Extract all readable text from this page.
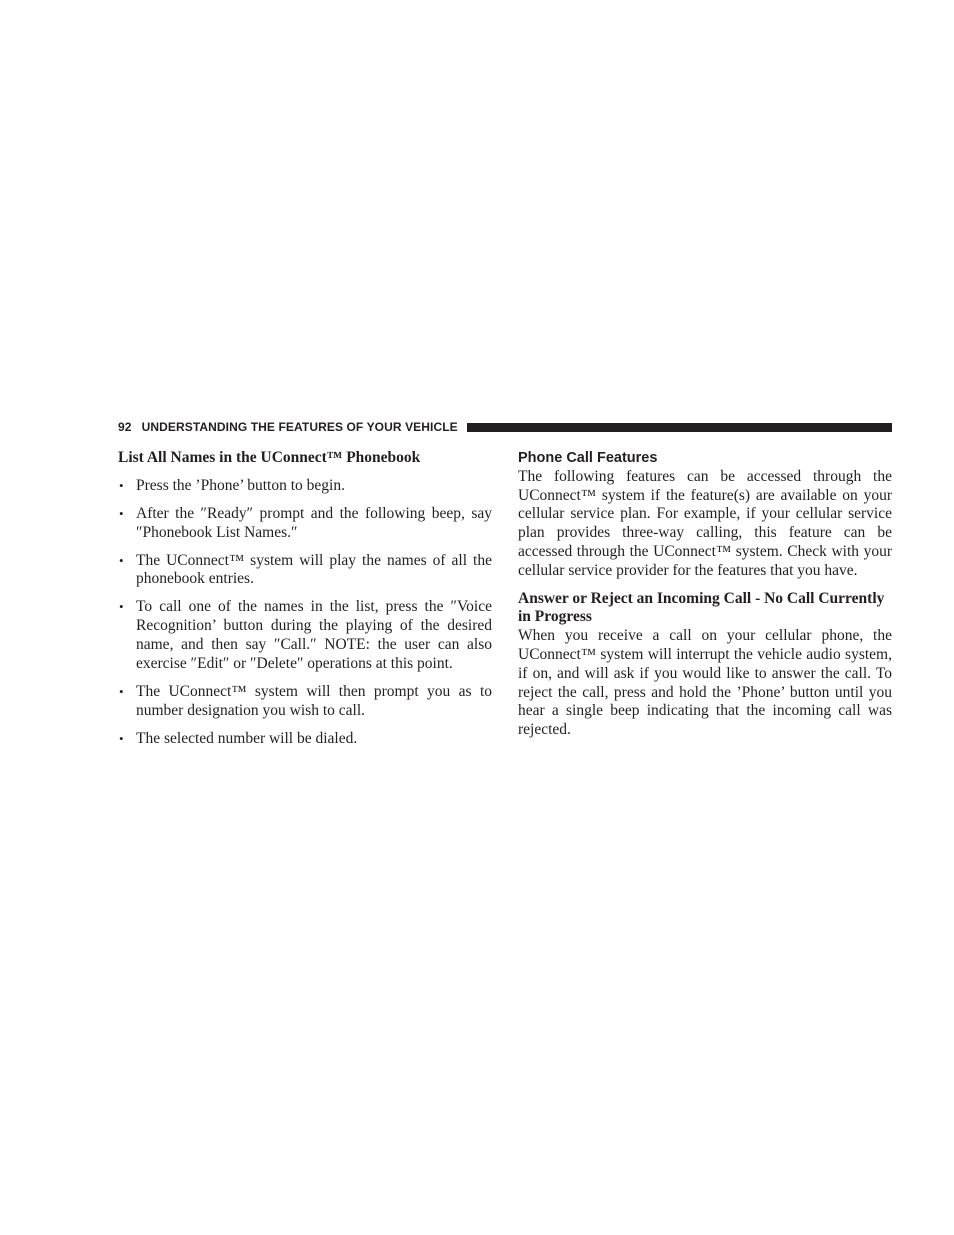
92 UNDERSTANDING THE FEATURES OF YOUR VEHICLE
List All Names in the UConnect™ Phonebook
• Press the ’Phone’ button to begin.
• After the ″Ready″ prompt and the following beep, say ″Phonebook List Names.″
• The UConnect™ system will play the names of all the phonebook entries.
• To call one of the names in the list, press the ″Voice Recognition’ button during the playing of the desired name, and then say ″Call.″ NOTE: the user can also exercise ″Edit″ or ″Delete″ operations at this point.
• The UConnect™ system will then prompt you as to number designation you wish to call.
• The selected number will be dialed.
Phone Call Features

The following features can be accessed through the UConnect™ system if the feature(s) are available on your cellular service plan. For example, if your cellular service plan provides three-way calling, this feature can be accessed through the UConnect™ system. Check with your cellular service provider for the features that you have.

Answer or Reject an Incoming Call - No Call Currently in Progress

When you receive a call on your cellular phone, the UConnect™ system will interrupt the vehicle audio system, if on, and will ask if you would like to answer the call. To reject the call, press and hold the ’Phone’ button until you hear a single beep indicating that the incoming call was rejected.
